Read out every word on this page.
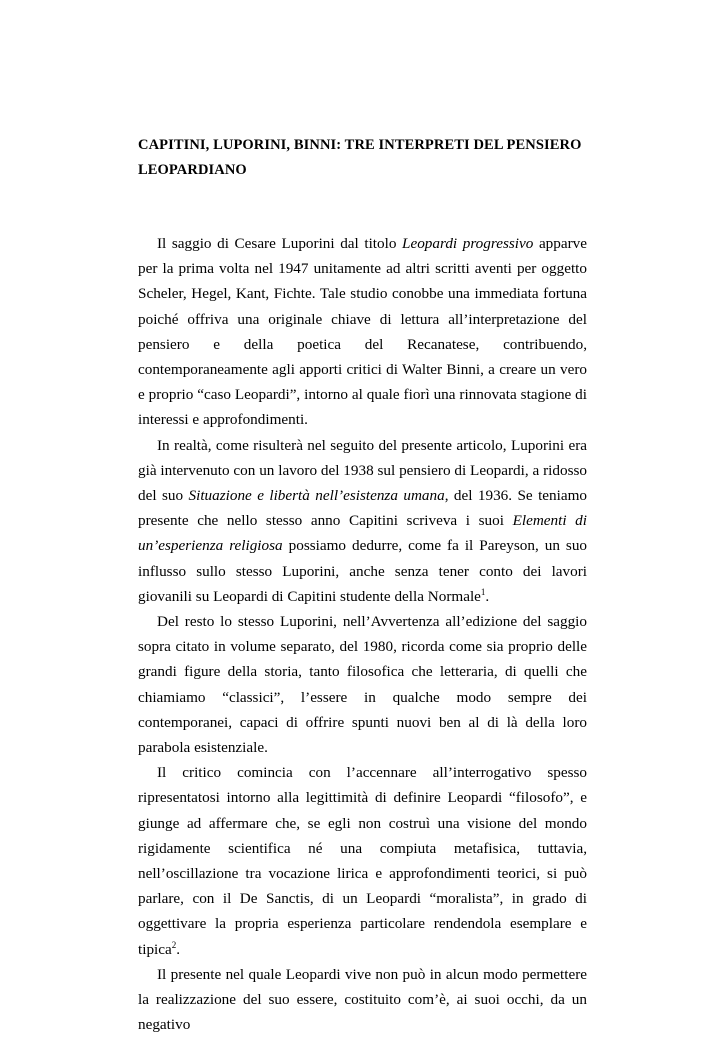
CAPITINI, LUPORINI, BINNI: TRE INTERPRETI DEL PENSIERO
LEOPARDIANO

Il saggio di Cesare Luporini dal titolo Leopardi progressivo apparve per la prima volta nel 1947 unitamente ad altri scritti aventi per oggetto Scheler, Hegel, Kant, Fichte. Tale studio conobbe una immediata fortuna poiché offriva una originale chiave di lettura all’interpretazione del pensiero e della poetica del Recanatese, contribuendo, contemporaneamente agli apporti critici di Walter Binni, a creare un vero e proprio “caso Leopardi”, intorno al quale fiorì una rinnovata stagione di interessi e approfondimenti.

In realtà, come risulterà nel seguito del presente articolo, Luporini era già intervenuto con un lavoro del 1938 sul pensiero di Leopardi, a ridosso del suo Situazione e libertà nell’esistenza umana, del 1936. Se teniamo presente che nello stesso anno Capitini scriveva i suoi Elementi di un’esperienza religiosa possiamo dedurre, come fa il Pareyson, un suo influsso sullo stesso Luporini, anche senza tener conto dei lavori giovanili su Leopardi di Capitini studente della Normale$^1$.

Del resto lo stesso Luporini, nell’Avvertenza all’edizione del saggio sopra citato in volume separato, del 1980, ricorda come sia proprio delle grandi figure della storia, tanto filosofica che letteraria, di quelli che chiamiamo “classici”, l’essere in qualche modo sempre dei contemporanei, capaci di offrire spunti nuovi ben al di là della loro parabola esistenziale.

Il critico comincia con l’accennare all’interrogativo spesso ripresentatosi intorno alla legittimità di definire Leopardi “filosofo”, e giunge ad affermare che, se egli non costruì una visione del mondo rigidamente scientifica né una compiuta metafisica, tuttavia, nell’oscillazione tra vocazione lirica e approfondimenti teorici, si può parlare, con il De Sanctis, di un Leopardi “moralista”, in grado di oggettivare la propria esperienza particolare rendendola esemplare e tipica$^2$.

Il presente nel quale Leopardi vive non può in alcun modo permettere la realizzazione del suo essere, costituito com’è, ai suoi occhi, da un negativo
